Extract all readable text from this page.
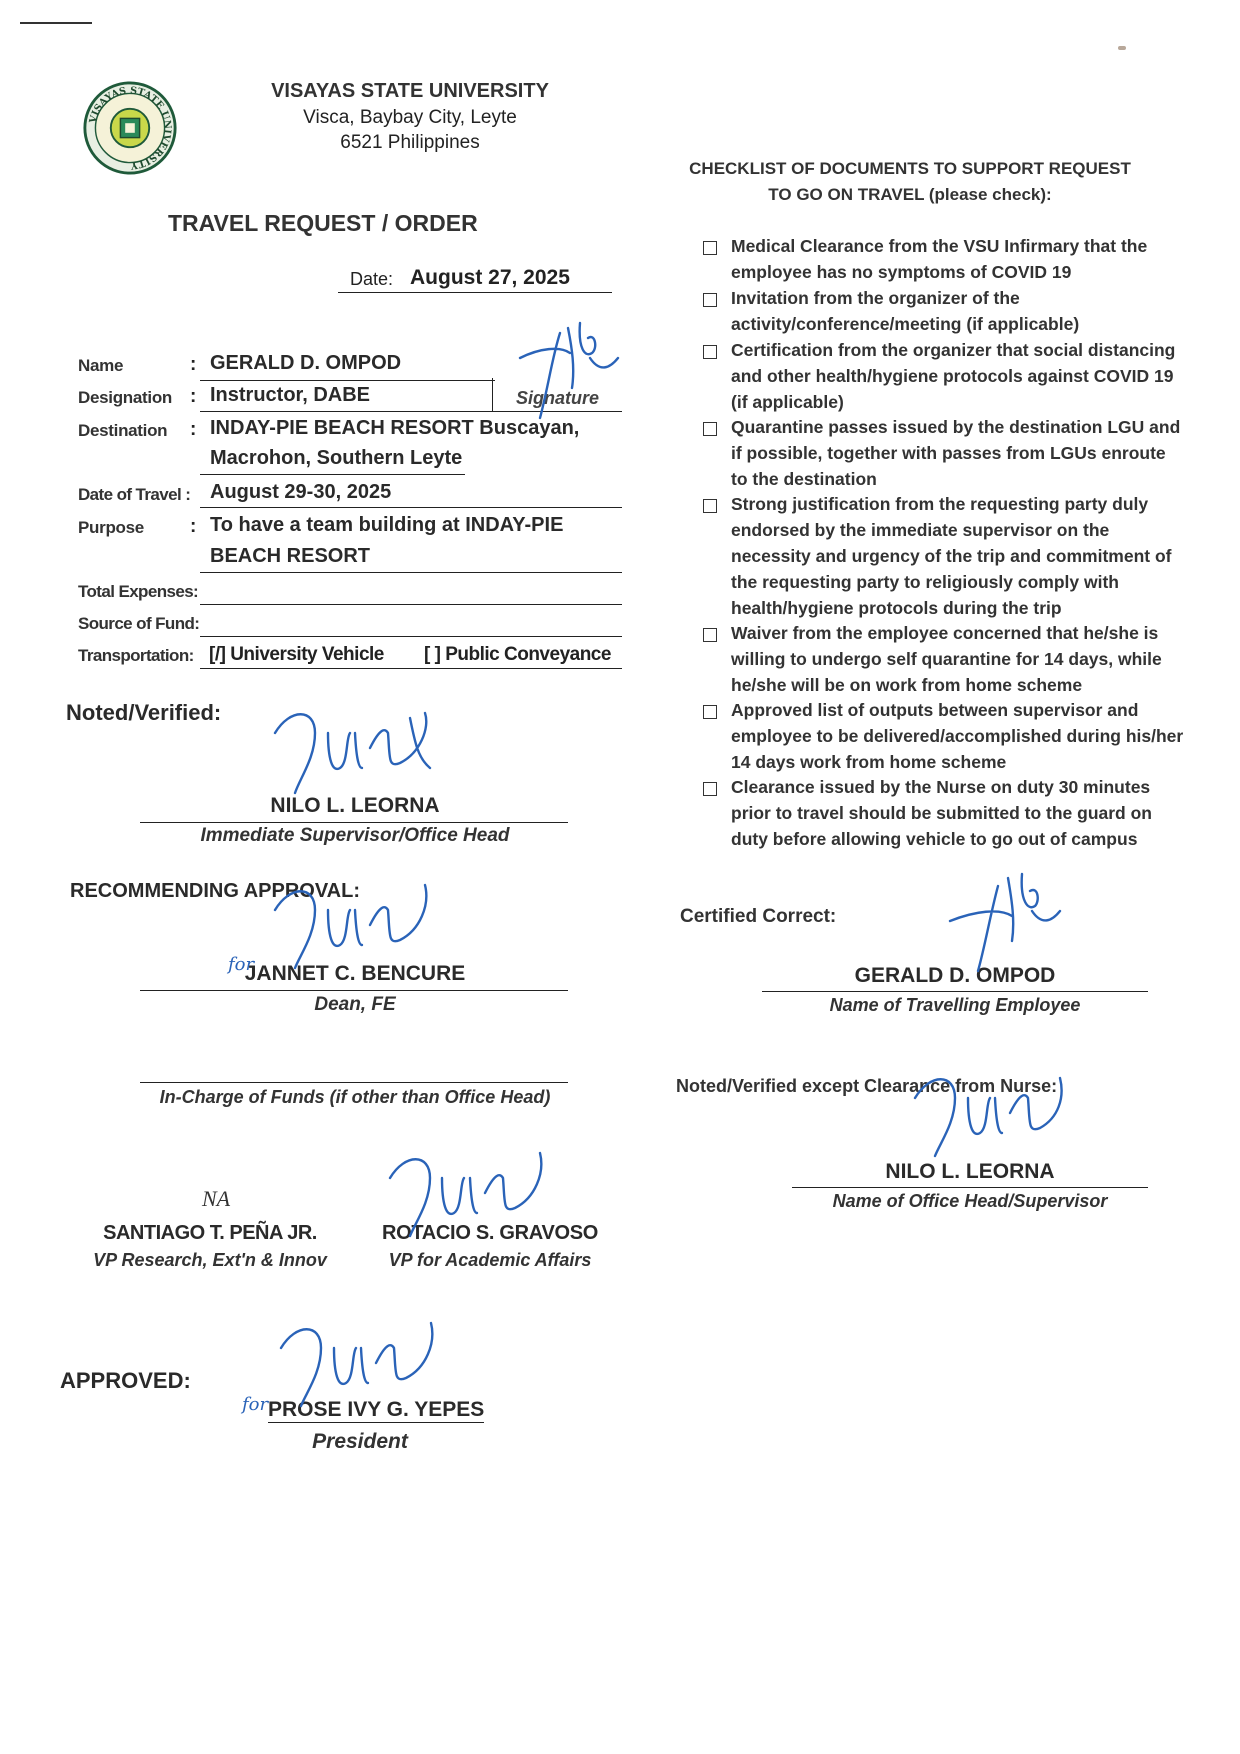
VISAYAS STATE UNIVERSITY
VISAYAS STATE UNIVERSITY
Visca, Baybay City, Leyte
6521 Philippines
TRAVEL REQUEST / ORDER
Date: August 27, 2025
Name	: GERALD D. OMPOD
Designation : Instructor, DABE	Signature
Destination : INDAY-PIE BEACH RESORT Buscayan,
Macrohon, Southern Leyte
Date of Travel : August 29-30, 2025
Purpose : To have a team building at INDAY-PIE
BEACH RESORT
Total Expenses:
Source of Fund:
Transportation: [/] University Vehicle [ ] Public Conveyance
CHECKLIST OF DOCUMENTS TO SUPPORT REQUEST
TO GO ON TRAVEL (please check):
Medical Clearance from the VSU Infirmary that the employee has no symptoms of COVID 19
Invitation from the organizer of the activity/conference/meeting (if applicable)
Certification from the organizer that social distancing and other health/hygiene protocols against COVID 19 (if applicable)
Quarantine passes issued by the destination LGU and if possible, together with passes from LGUs enroute to the destination
Strong justification from the requesting party duly endorsed by the immediate supervisor on the necessity and urgency of the trip and commitment of the requesting party to religiously comply with health/hygiene protocols during the trip
Waiver from the employee concerned that he/she is willing to undergo self quarantine for 14 days, while he/she will be on work from home scheme
Approved list of outputs between supervisor and employee to be delivered/accomplished during his/her 14 days work from home scheme
Clearance issued by the Nurse on duty 30 minutes prior to travel should be submitted to the guard on duty before allowing vehicle to go out of campus
Noted/Verified:
NILO L. LEORNA
Immediate Supervisor/Office Head
RECOMMENDING APPROVAL:
for
JANNET C. BENCURE
Dean, FE
In-Charge of Funds (if other than Office Head)
NA
SANTIAGO T. PEÑA JR.
VP Research, Ext'n & Innov
ROTACIO S. GRAVOSO
VP for Academic Affairs
APPROVED:
for PROSE IVY G. YEPES
President
Certified Correct:
GERALD D. OMPOD
Name of Travelling Employee
Noted/Verified except Clearance from Nurse:
NILO L. LEORNA
Name of Office Head/Supervisor
